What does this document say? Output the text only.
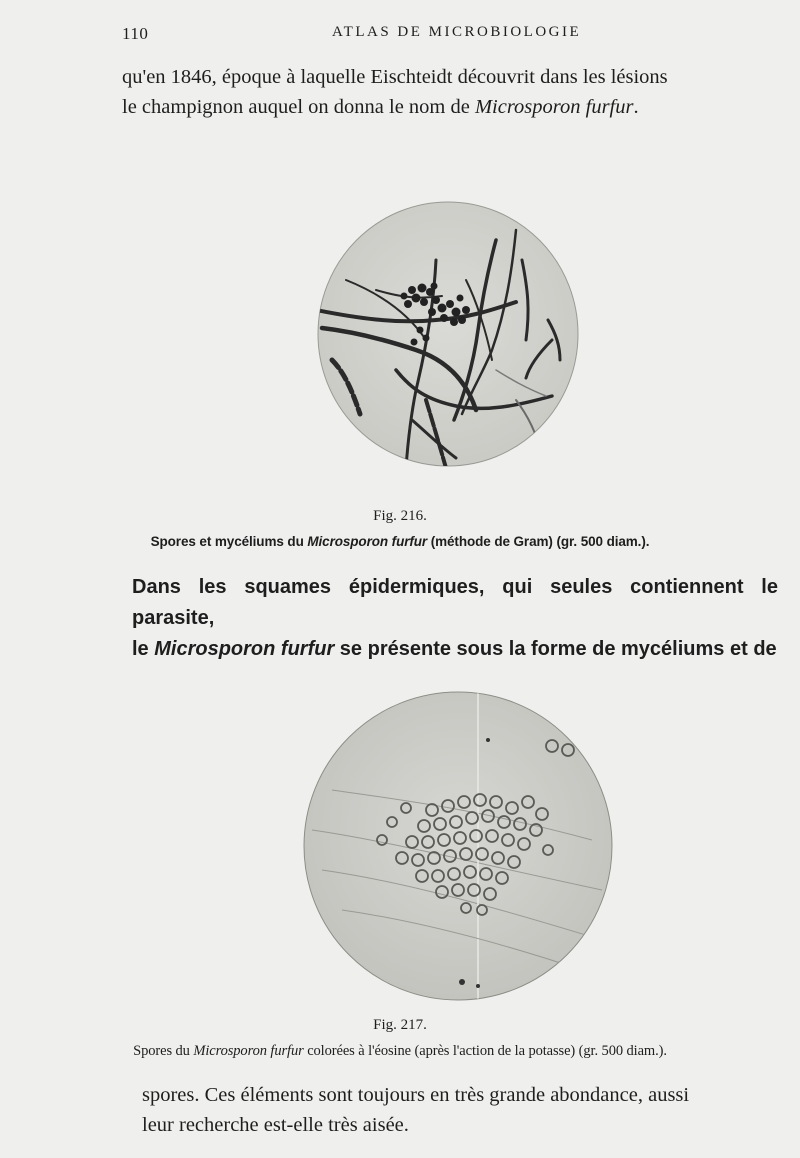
110	ATLAS DE MICROBIOLOGIE

qu'en 1846, époque à laquelle Eischteidt découvrit dans les lésions
le champignon auquel on donna le nom de Microsporon furfur.

Fig. 216.
Spores et mycéliums du Microsporon furfur (méthode de Gram) (gr. 500 diam.).

Dans les squames épidermiques, qui seules contiennent le parasite,
le Microsporon furfur se présente sous la forme de mycéliums et de

Fig. 217.
Spores du Microsporon furfur colorées à l'éosine (après l'action de la potasse) (gr. 500 diam.).

spores. Ces éléments sont toujours en très grande abondance, aussi
leur recherche est-elle très aisée.
